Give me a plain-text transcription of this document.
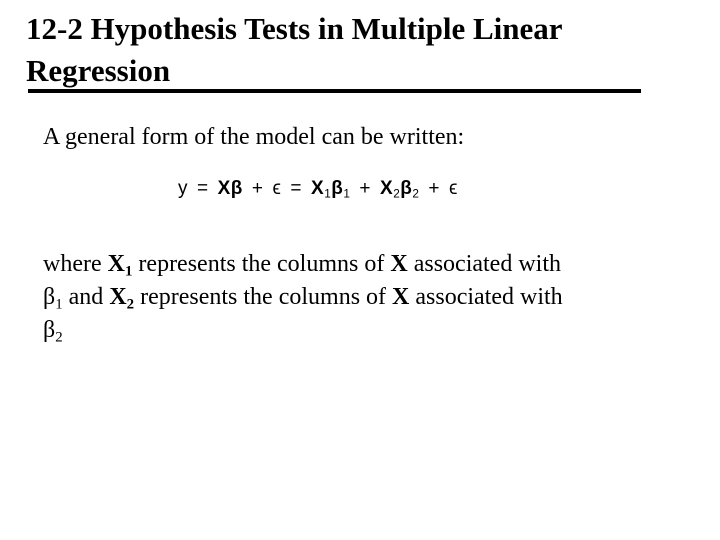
12-2 Hypothesis Tests in Multiple Linear
Regression
A general form of the model can be written:
$y = X\beta + \epsilon = X_1\beta_1 + X_2\beta_2 + \epsilon$
where $X_1$ represents the columns of X associated with
$\beta_1$ and $X_2$ represents the columns of X associated with
$\beta_2$
